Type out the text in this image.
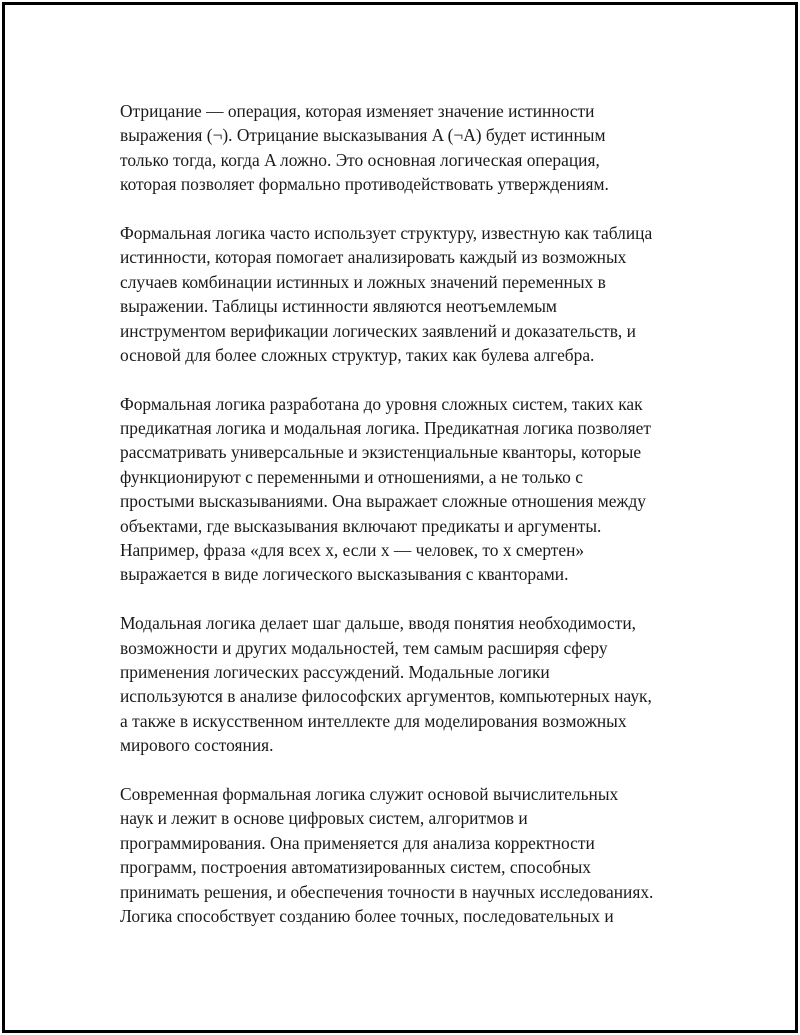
Отрицание — операция, которая изменяет значение истинности
выражения (¬). Отрицание высказывания A (¬A) будет истинным
только тогда, когда A ложно. Это основная логическая операция,
которая позволяет формально противодействовать утверждениям.

Формальная логика часто использует структуру, известную как таблица
истинности, которая помогает анализировать каждый из возможных
случаев комбинации истинных и ложных значений переменных в
выражении. Таблицы истинности являются неотъемлемым
инструментом верификации логических заявлений и доказательств, и
основой для более сложных структур, таких как булева алгебра.

Формальная логика разработана до уровня сложных систем, таких как
предикатная логика и модальная логика. Предикатная логика позволяет
рассматривать универсальные и экзистенциальные кванторы, которые
функционируют с переменными и отношениями, а не только с
простыми высказываниями. Она выражает сложные отношения между
объектами, где высказывания включают предикаты и аргументы.
Например, фраза «для всех x, если x — человек, то x смертен»
выражается в виде логического высказывания с кванторами.

Модальная логика делает шаг дальше, вводя понятия необходимости,
возможности и других модальностей, тем самым расширяя сферу
применения логических рассуждений. Модальные логики
используются в анализе философских аргументов, компьютерных наук,
а также в искусственном интеллекте для моделирования возможных
мирового состояния.

Современная формальная логика служит основой вычислительных
наук и лежит в основе цифровых систем, алгоритмов и
программирования. Она применяется для анализа корректности
программ, построения автоматизированных систем, способных
принимать решения, и обеспечения точности в научных исследованиях.
Логика способствует созданию более точных, последовательных и
